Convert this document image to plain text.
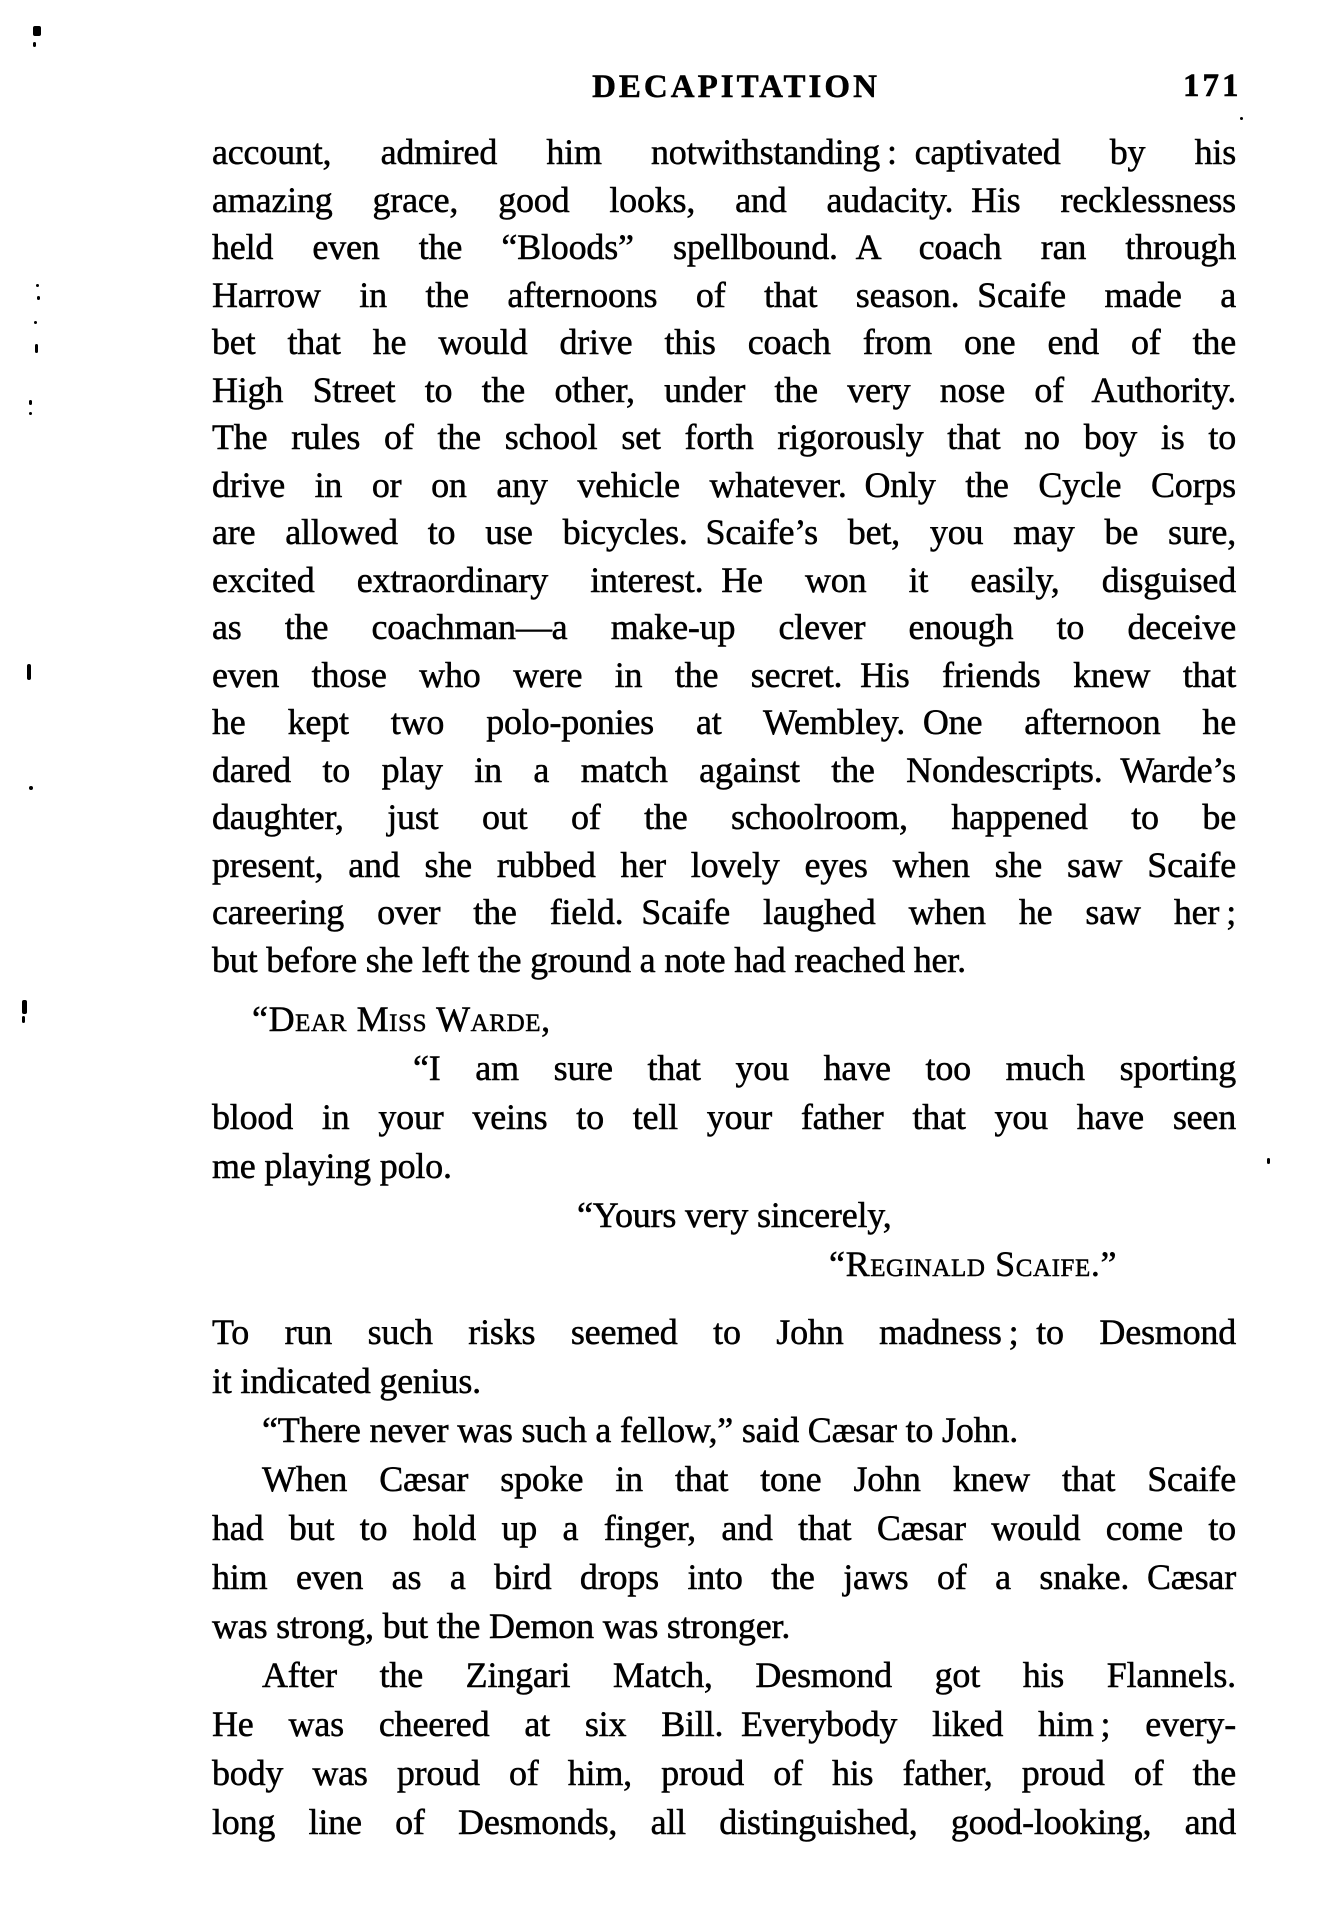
DECAPITATION	171
account, admired him notwithstanding : captivated by his
amazing grace, good looks, and audacity. His recklessness
held even the “Bloods” spellbound. A coach ran through
Harrow in the afternoons of that season. Scaife made a
bet that he would drive this coach from one end of the
High Street to the other, under the very nose of Authority.
The rules of the school set forth rigorously that no boy is to
drive in or on any vehicle whatever. Only the Cycle Corps
are allowed to use bicycles. Scaife’s bet, you may be sure,
excited extraordinary interest. He won it easily, disguised
as the coachman—a make-up clever enough to deceive
even those who were in the secret. His friends knew that
he kept two polo-ponies at Wembley. One afternoon he
dared to play in a match against the Nondescripts. Warde’s
daughter, just out of the schoolroom, happened to be
present, and she rubbed her lovely eyes when she saw Scaife
careering over the field. Scaife laughed when he saw her ;
but before she left the ground a note had reached her.
“Dear Miss Warde,
“I am sure that you have too much sporting
blood in your veins to tell your father that you have seen
me playing polo.
“Yours very sincerely,
“Reginald Scaife.”
To run such risks seemed to John madness ; to Desmond
it indicated genius.
“There never was such a fellow,” said Cæsar to John.
When Cæsar spoke in that tone John knew that Scaife
had but to hold up a finger, and that Cæsar would come to
him even as a bird drops into the jaws of a snake. Cæsar
was strong, but the Demon was stronger.
After the Zingari Match, Desmond got his Flannels.
He was cheered at six Bill. Everybody liked him ; every-
body was proud of him, proud of his father, proud of the
long line of Desmonds, all distinguished, good-looking, and
